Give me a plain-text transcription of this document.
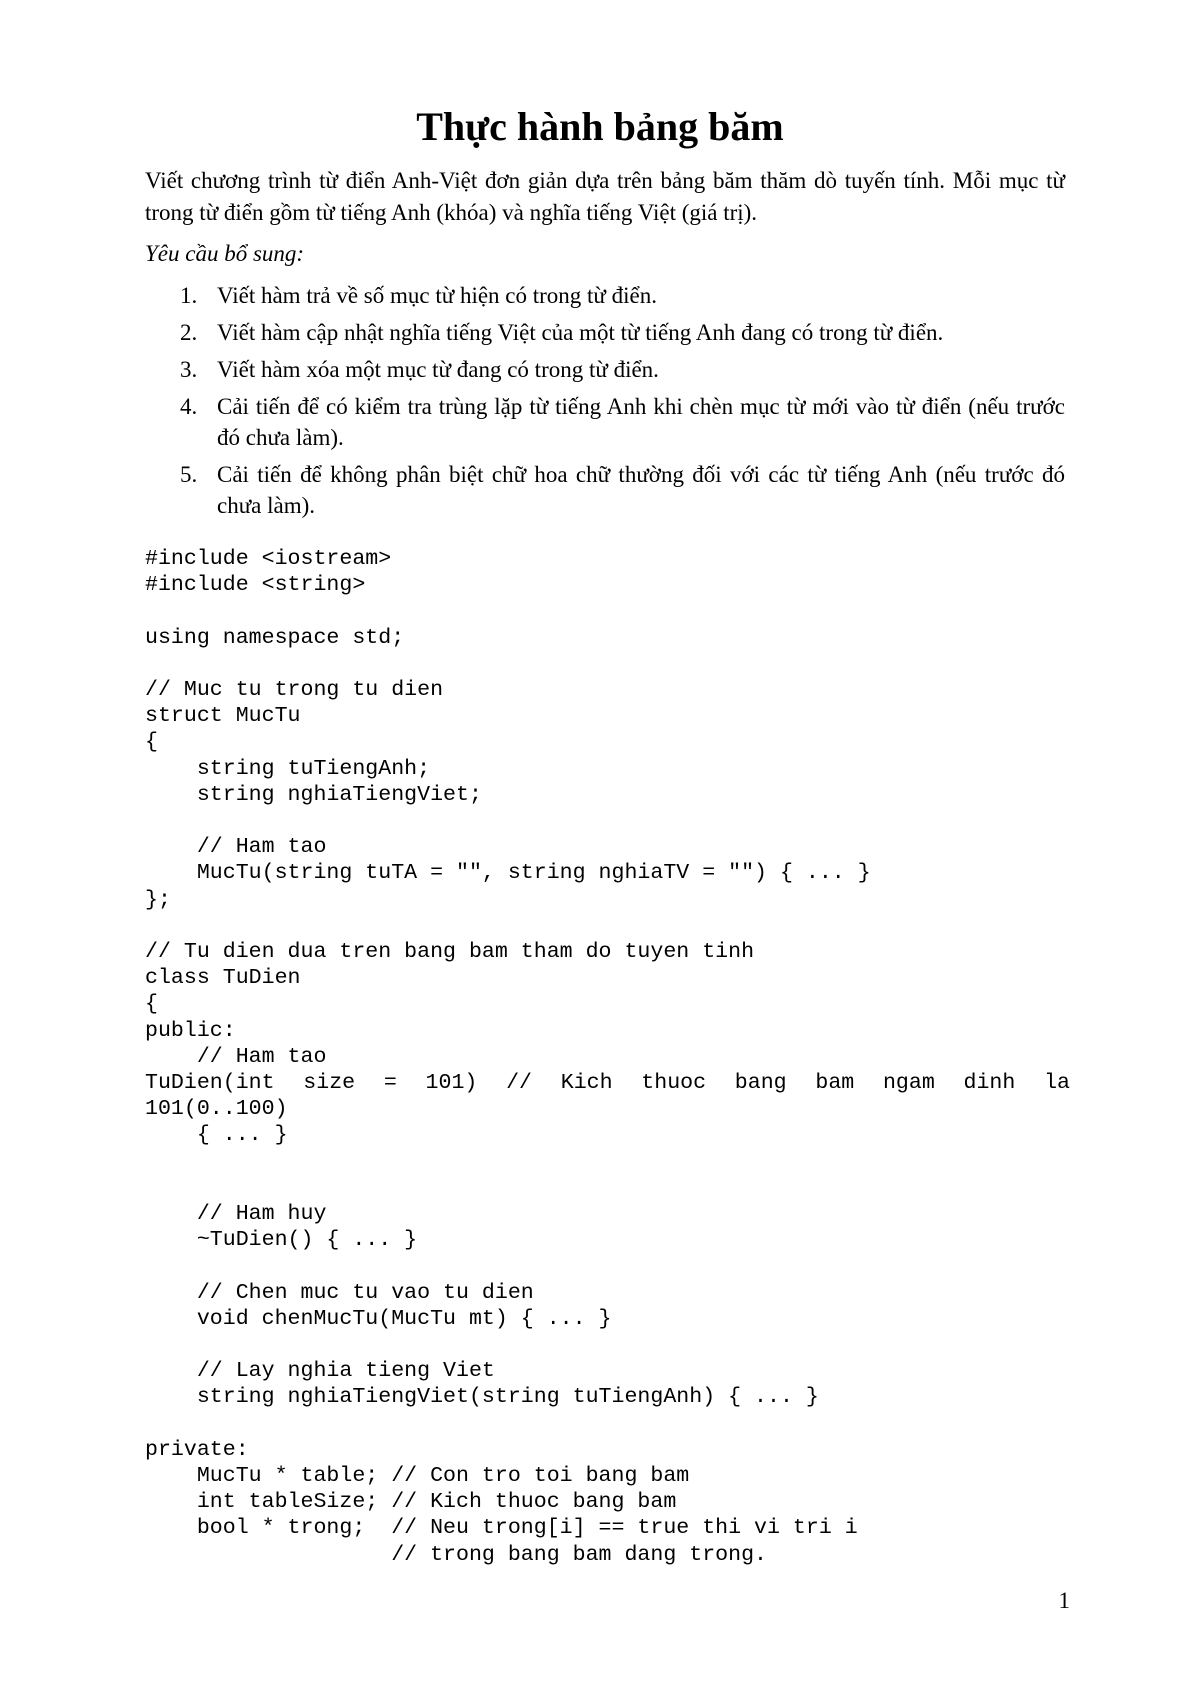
Thực hành bảng băm

Viết chương trình từ điển Anh-Việt đơn giản dựa trên bảng băm thăm dò tuyến tính. Mỗi mục từ trong từ điển gồm từ tiếng Anh (khóa) và nghĩa tiếng Việt (giá trị).

Yêu cầu bổ sung:

1. Viết hàm trả về số mục từ hiện có trong từ điển.
2. Viết hàm cập nhật nghĩa tiếng Việt của một từ tiếng Anh đang có trong từ điển.
3. Viết hàm xóa một mục từ đang có trong từ điển.
4. Cải tiến để có kiểm tra trùng lặp từ tiếng Anh khi chèn mục từ mới vào từ điển (nếu trước đó chưa làm).
5. Cải tiến để không phân biệt chữ hoa chữ thường đối với các từ tiếng Anh (nếu trước đó chưa làm).
#include <iostream>
#include <string>
using namespace std;
// Muc tu trong tu dien
struct MucTu
{
string tuTiengAnh;
string nghiaTiengViet;
// Ham tao
MucTu(string tuTA = "", string nghiaTV = "") { ... }
};
// Tu dien dua tren bang bam tham do tuyen tinh
class TuDien
{
public:
// Ham tao
TuDien(int size = 101) // Kich thuoc bang bam ngam dinh la
101(0..100)
{ ... }
// Ham huy
~TuDien() { ... }
// Chen muc tu vao tu dien
void chenMucTu(MucTu mt) { ... }
// Lay nghia tieng Viet
string nghiaTiengViet(string tuTiengAnh) { ... }
private:
MucTu * table; // Con tro toi bang bam
int tableSize; // Kich thuoc bang bam
bool * trong;  // Neu trong[i] == true thi vi tri i
// trong bang bam dang trong.
1
